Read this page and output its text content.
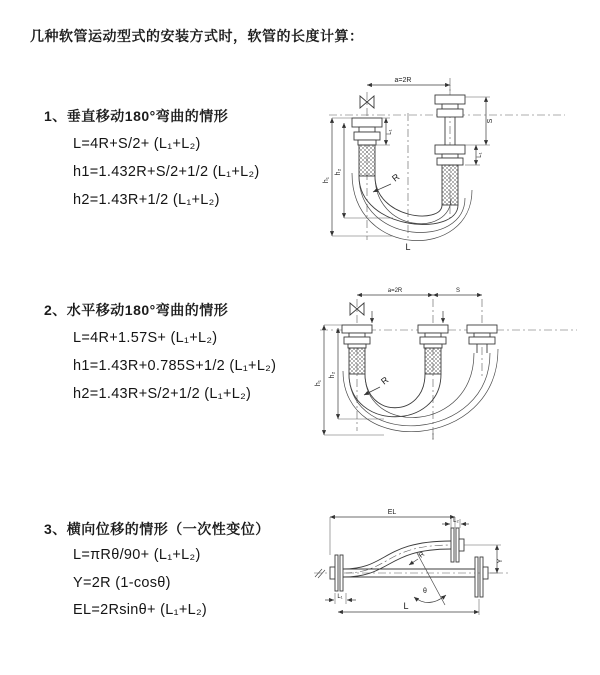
几种软管运动型式的安装方式时，软管的长度计算：
1、垂直移动180°弯曲的情形
L=4R+S/2+ (L₁+L₂)
h1=1.432R+S/2+1/2 (L₁+L₂)
h2=1.43R+1/2 (L₁+L₂)
2、水平移动180°弯曲的情形
L=4R+1.57S+ (L₁+L₂)
h1=1.43R+0.785S+1/2 (L₁+L₂)
h2=1.43R+S/2+1/2 (L₁+L₂)
3、横向位移的情形（一次性变位）
L=πRθ/90+ (L₁+L₂)
Y=2R (1-cosθ)
EL=2Rsinθ+ (L₁+L₂)
a=2R
h₁
h₂
L₁
S
L₁
R
L
a=2R	S
h₁
h₂	R
EL
L₂
θ
R
Y
L₁
L
